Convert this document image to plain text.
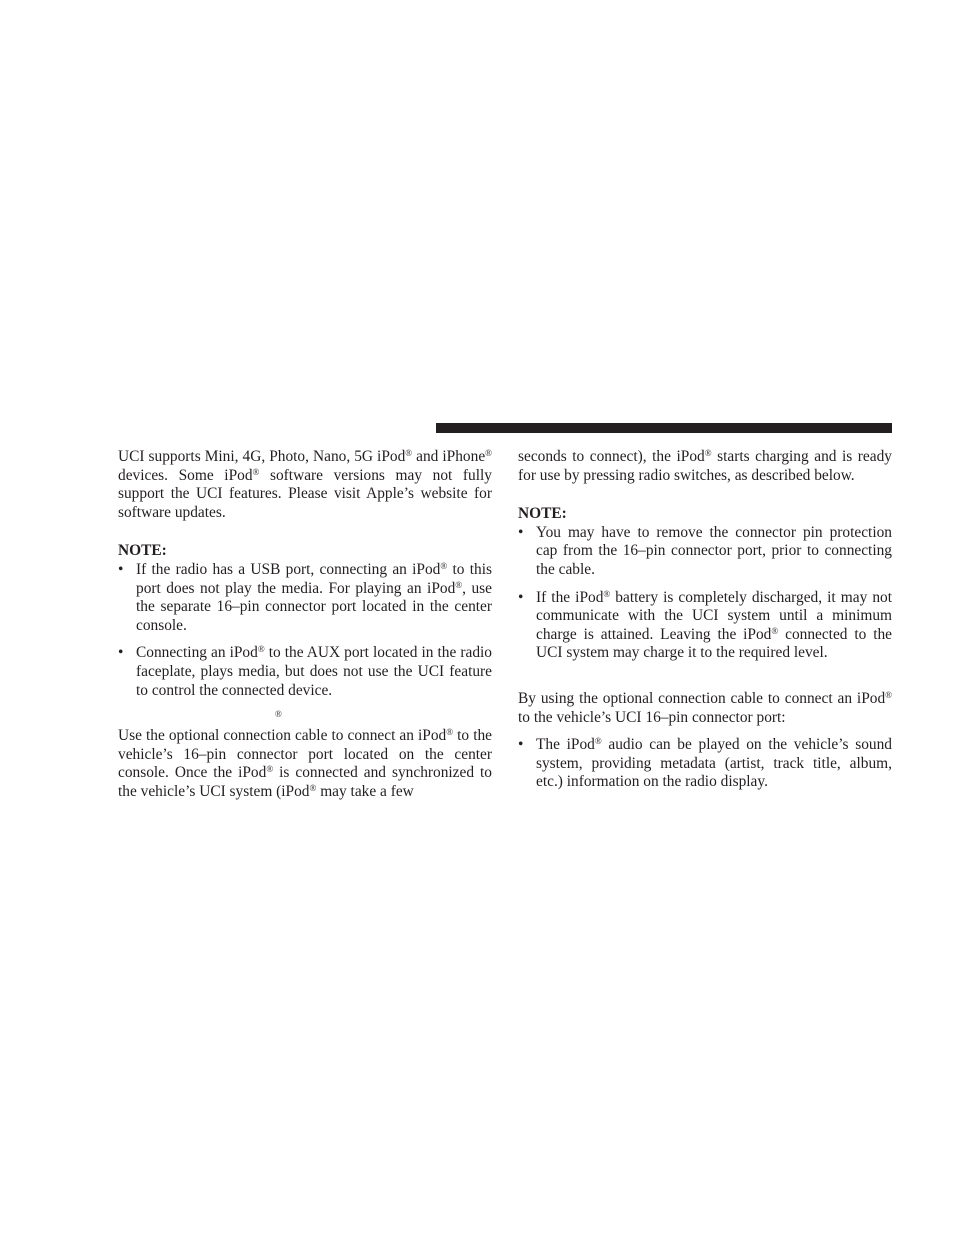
UCI supports Mini, 4G, Photo, Nano, 5G iPod® and iPhone® devices. Some iPod® software versions may not fully support the UCI features. Please visit Apple’s website for software updates.

NOTE:
• If the radio has a USB port, connecting an iPod® to this port does not play the media. For playing an iPod®, use the separate 16–pin connector port located in the center console.
• Connecting an iPod® to the AUX port located in the radio faceplate, plays media, but does not use the UCI feature to control the connected device.
®

Use the optional connection cable to connect an iPod® to the vehicle’s 16–pin connector port located on the center console. Once the iPod® is connected and synchronized to the vehicle’s UCI system (iPod® may take a few

seconds to connect), the iPod® starts charging and is ready for use by pressing radio switches, as described below.

NOTE:
• You may have to remove the connector pin protection cap from the 16–pin connector port, prior to connecting the cable.
• If the iPod® battery is completely discharged, it may not communicate with the UCI system until a minimum charge is attained. Leaving the iPod® connected to the UCI system may charge it to the required level.

By using the optional connection cable to connect an iPod® to the vehicle’s UCI 16–pin connector port:

• The iPod® audio can be played on the vehicle’s sound system, providing metadata (artist, track title, album, etc.) information on the radio display.
